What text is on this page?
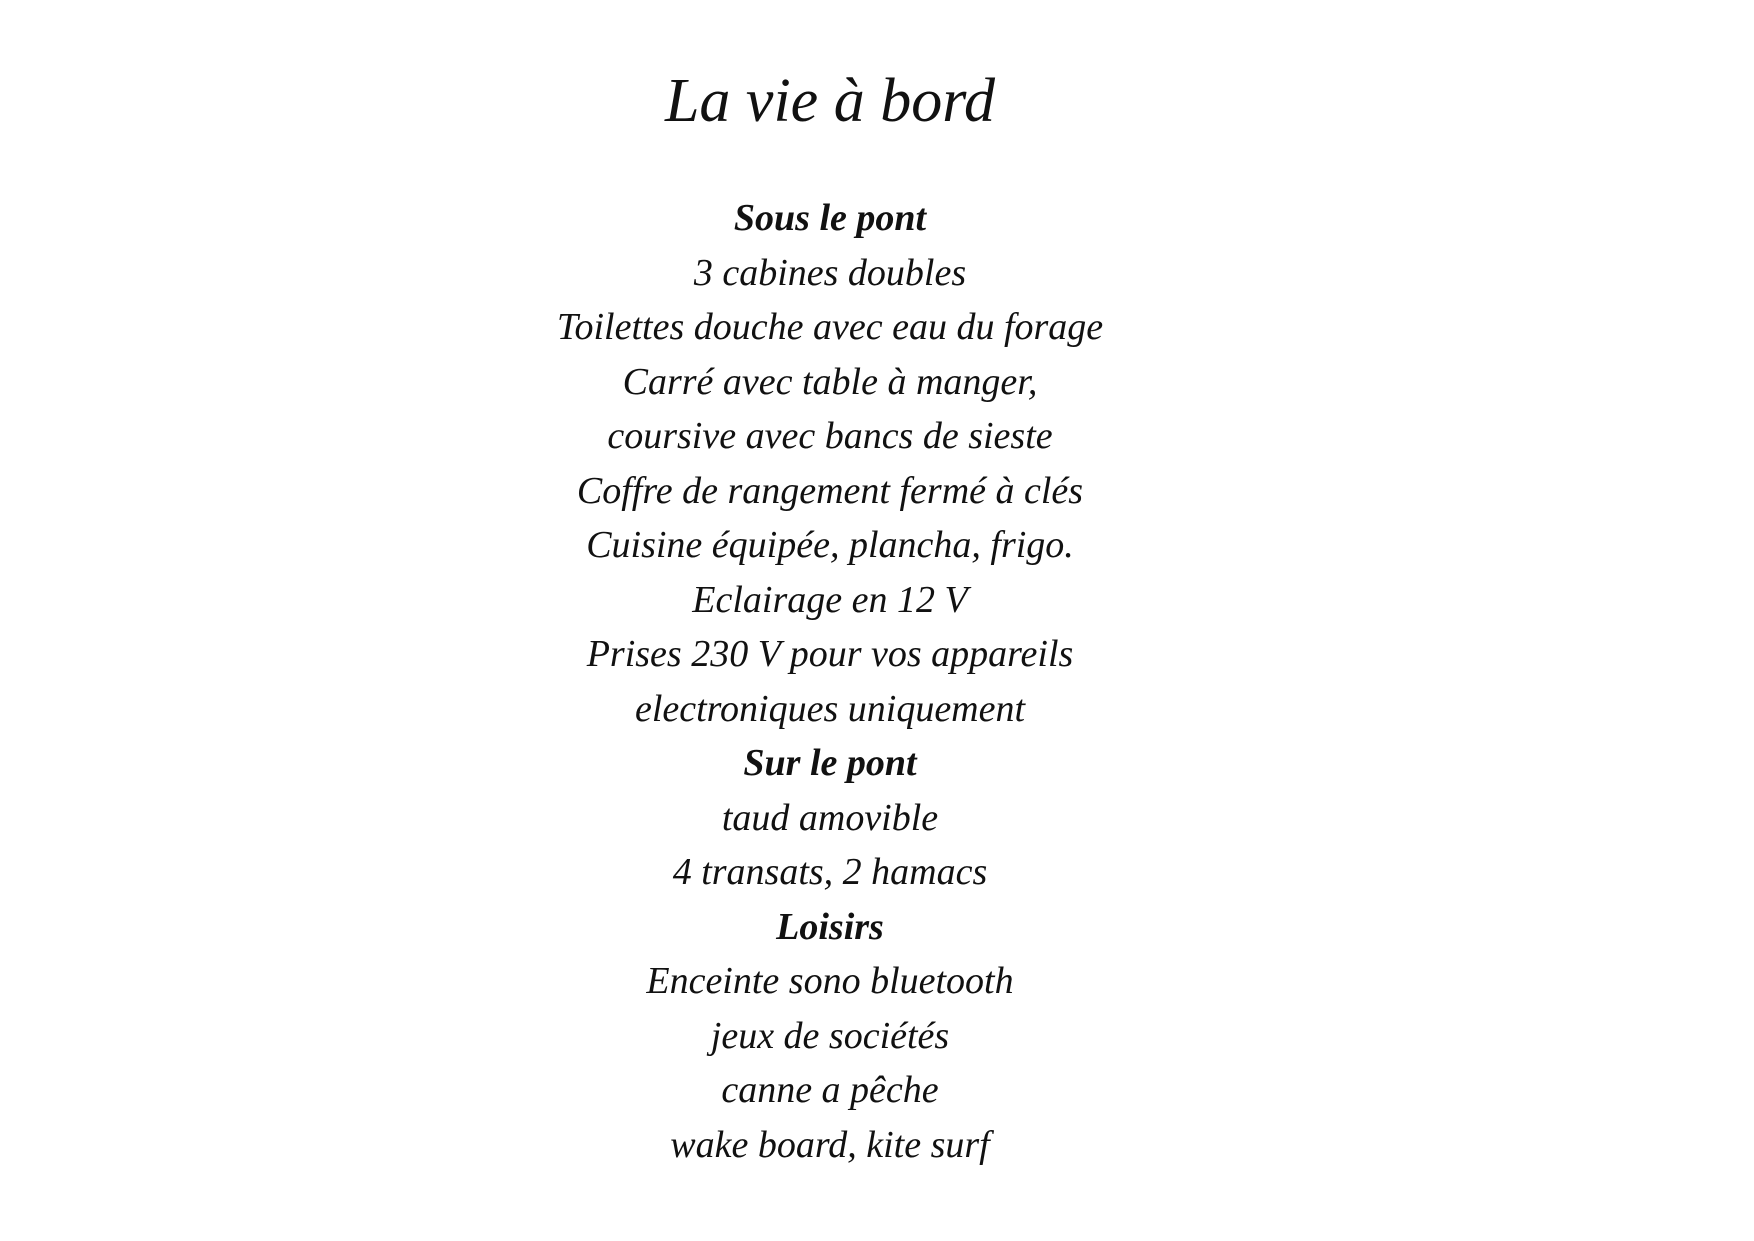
La vie à bord
Sous le pont
3 cabines doubles
Toilettes douche avec eau du forage
Carré avec table à manger,
coursive avec bancs de sieste
Coffre de rangement fermé à clés
Cuisine équipée, plancha, frigo.
Eclairage en 12 V
Prises 230 V pour vos appareils
electroniques uniquement
Sur le pont
taud amovible
4 transats, 2 hamacs
Loisirs
Enceinte sono bluetooth
jeux de sociétés
canne a pêche
wake board, kite surf
